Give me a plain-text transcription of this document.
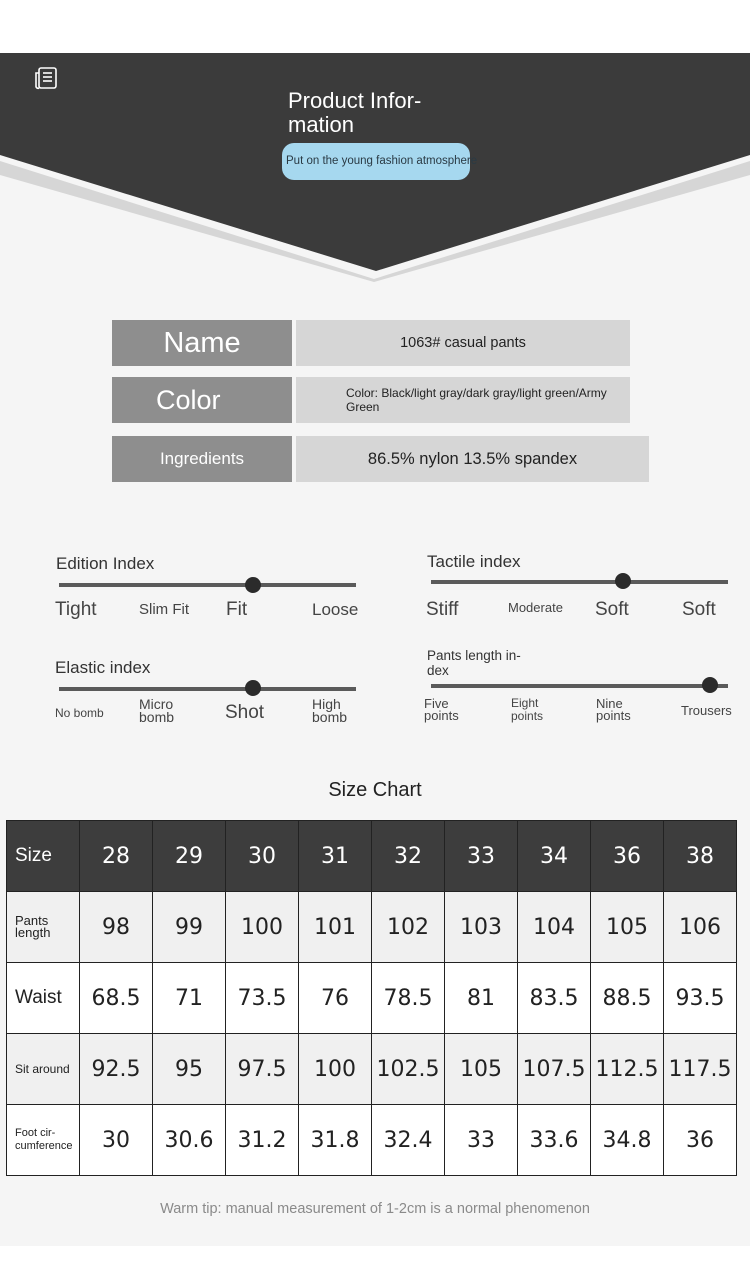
Product Infor-
mation
Put on the young fashion atmosphere
Name	1063# casual pants
Color	Color: Black/light gray/dark gray/light green/Army Green
Ingredients	86.5% nylon 13.5% spandex
Edition Index
Tight	Slim Fit Fit	Loose
Tactile index
Stiff	Moderate Soft	Soft
Elastic index
No bomb
Micro bomb	Shot	High bomb
Pants length in-
dex
Five points
Eight points
Nine points	Trousers
Size Chart
Size	28	29	30	31	32	33	34	36	38
Pants length	98	99	100	101	102	103	104	105	106
Waist	68.5	71	73.5	76	78.5	81	83.5	88.5	93.5
Sit around	92.5	95	97.5	100	102.5	105	107.5	112.5	117.5
Foot cir-
cumference	30	30.6	31.2	31.8	32.4	33	33.6	34.8	36
Warm tip: manual measurement of 1-2cm is a normal phenomenon
